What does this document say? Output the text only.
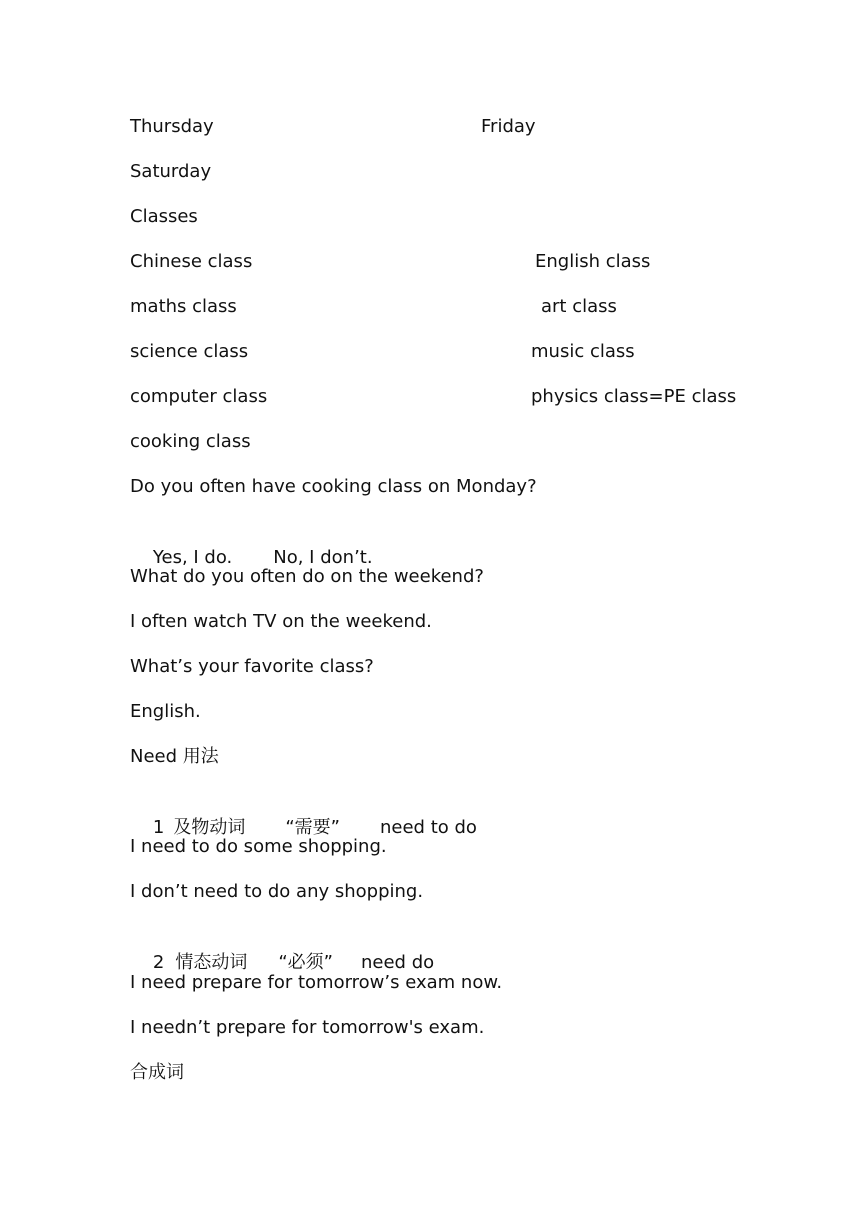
Thursday	Friday
Saturday
Classes
Chinese class	English class
maths class	art class
science class	music class
computer class	physics class=PE class
cooking class
Do you often have cooking class on Monday?

Yes, I do. No, I don’t.

What do you often do on the weekend?
I often watch TV on the weekend.
What’s your favorite class?
English.
Need 用法

1 及物动词 “需要” need to do

I need to do some shopping.
I don’t need to do any shopping.

2 情态动词 “必须” need do

I need prepare for tomorrow’s exam now.
I needn’t prepare for tomorrow's exam.
合成词
